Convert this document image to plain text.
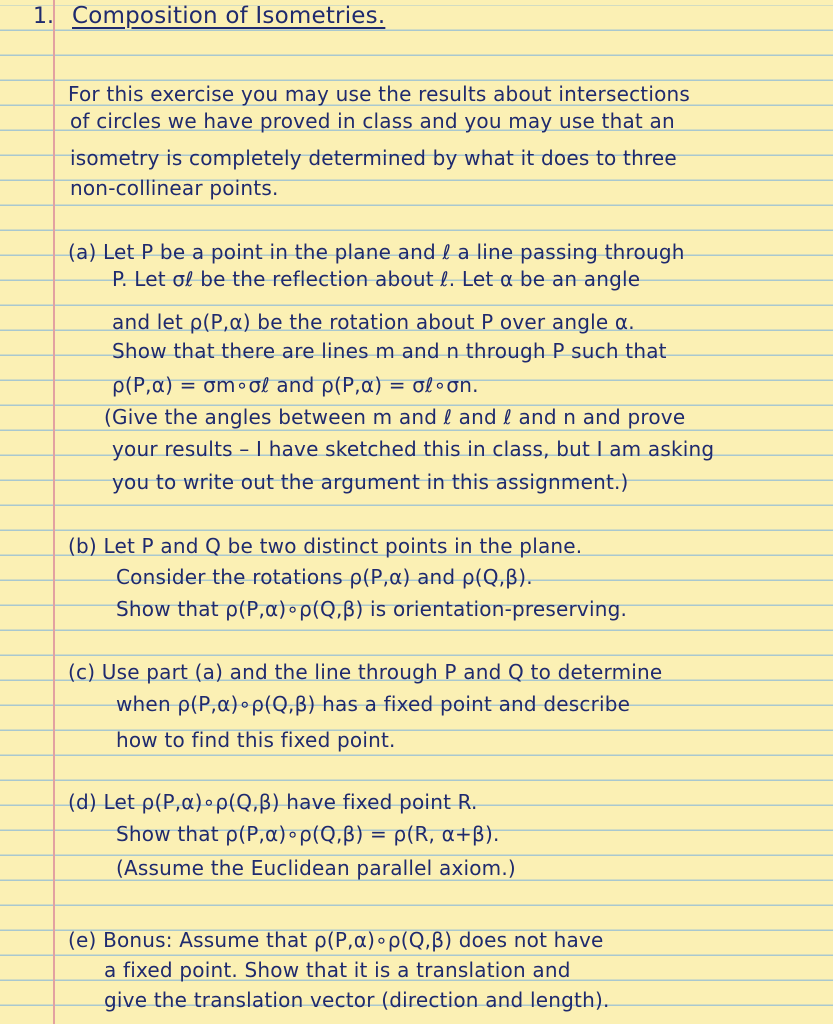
1. Composition of Isometries.
For this exercise you may use the results about intersections
of circles we have proved in class and you may use that an
isometry is completely determined by what it does to three
non-collinear points.
(a) Let P be a point in the plane and ℓ a line passing through
P. Let σℓ be the reflection about ℓ. Let α be an angle
and let ρ(P,α) be the rotation about P over angle α.
Show that there are lines m and n through P such that
ρ(P,α) = σm∘σℓ and ρ(P,α) = σℓ∘σn.
(Give the angles between m and ℓ and ℓ and n and prove
your results – I have sketched this in class, but I am asking
you to write out the argument in this assignment.)
(b) Let P and Q be two distinct points in the plane.
Consider the rotations ρ(P,α) and ρ(Q,β).
Show that ρ(P,α)∘ρ(Q,β) is orientation-preserving.
(c) Use part (a) and the line through P and Q to determine
when ρ(P,α)∘ρ(Q,β) has a fixed point and describe
how to find this fixed point.
(d) Let ρ(P,α)∘ρ(Q,β) have fixed point R.
Show that ρ(P,α)∘ρ(Q,β) = ρ(R, α+β).
(Assume the Euclidean parallel axiom.)
(e) Bonus: Assume that ρ(P,α)∘ρ(Q,β) does not have
a fixed point. Show that it is a translation and
give the translation vector (direction and length).
